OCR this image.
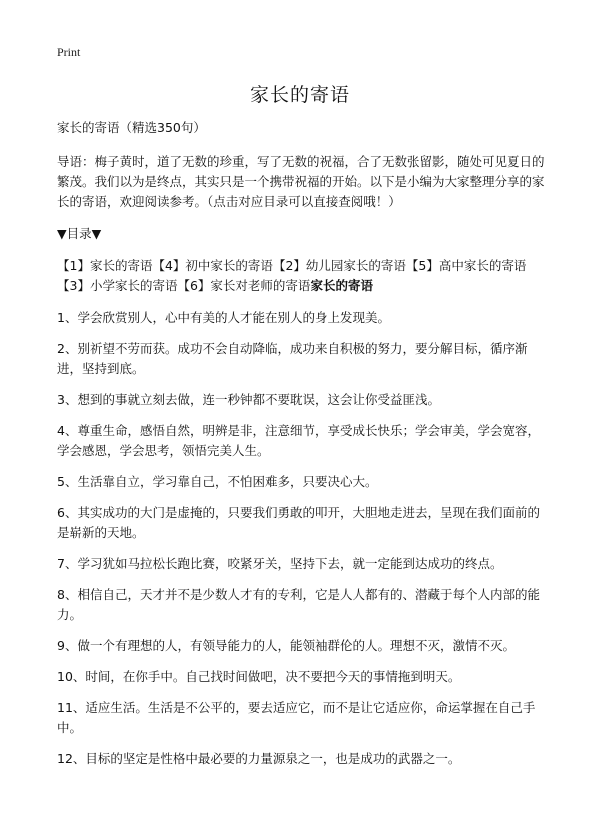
Print
家长的寄语

家长的寄语（精选350句）

导语：梅子黄时，道了无数的珍重，写了无数的祝福，合了无数张留影，随处可见夏日的繁茂。我们以为是终点，其实只是一个携带祝福的开始。以下是小编为大家整理分享的家长的寄语，欢迎阅读参考。（点击对应目录可以直接查阅哦！）

▼目录▼

【1】家长的寄语【4】初中家长的寄语【2】幼儿园家长的寄语【5】高中家长的寄语【3】小学家长的寄语【6】家长对老师的寄语家长的寄语

1、学会欣赏别人，心中有美的人才能在别人的身上发现美。
2、别祈望不劳而获。成功不会自动降临，成功来自积极的努力，要分解目标，循序渐进，坚持到底。
3、想到的事就立刻去做，连一秒钟都不要耽误，这会让你受益匪浅。
4、尊重生命，感悟自然，明辨是非，注意细节，享受成长快乐；学会审美，学会宽容，学会感恩，学会思考，领悟完美人生。
5、生活靠自立，学习靠自己，不怕困难多，只要决心大。
6、其实成功的大门是虚掩的，只要我们勇敢的叩开，大胆地走进去，呈现在我们面前的是崭新的天地。
7、学习犹如马拉松长跑比赛，咬紧牙关，坚持下去，就一定能到达成功的终点。
8、相信自己，天才并不是少数人才有的专利，它是人人都有的、潜藏于每个人内部的能力。
9、做一个有理想的人，有领导能力的人，能领袖群伦的人。理想不灭，激情不灭。
10、时间，在你手中。自己找时间做吧，决不要把今天的事情拖到明天。
11、适应生活。生活是不公平的，要去适应它，而不是让它适应你，命运掌握在自己手中。
12、目标的坚定是性格中最必要的力量源泉之一，也是成功的武器之一。
